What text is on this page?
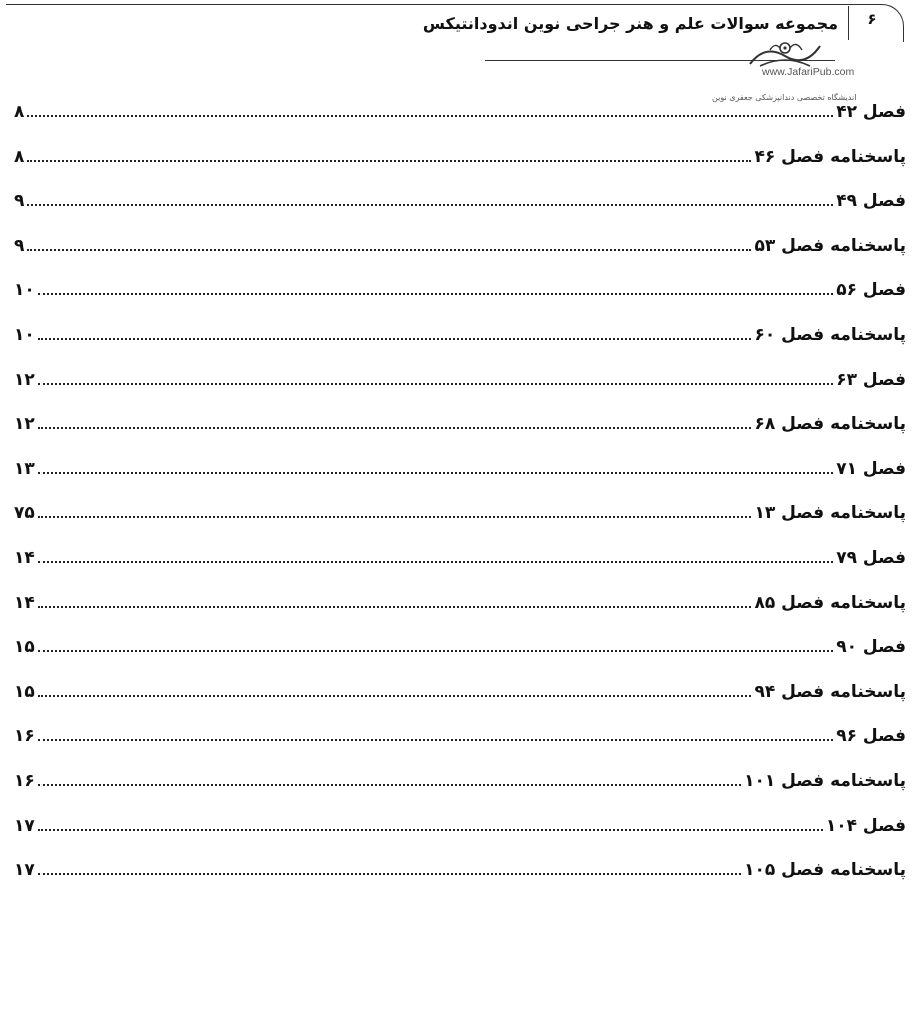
۶
مجموعه سوالات علم و هنر جراحی نوین اندودانتیکس
www.JafariPub.com
اندیشگاه تخصصی دندانپزشکی جعفری نوین
فصل ۴۲
۸
پاسخنامه فصل ۴۶
۸
فصل ۴۹
۹
پاسخنامه فصل ۵۳
۹
فصل ۵۶
۱۰
پاسخنامه فصل ۶۰
۱۰
فصل ۶۳
۱۲
پاسخنامه فصل ۶۸
۱۲
فصل ۷۱
۱۳
پاسخنامه فصل ۱۳
۷۵
فصل ۷۹
۱۴
پاسخنامه فصل ۸۵
۱۴
فصل ۹۰
۱۵
پاسخنامه فصل ۹۴
۱۵
فصل ۹۶
۱۶
پاسخنامه فصل ۱۰۱
۱۶
فصل ۱۰۴
۱۷
پاسخنامه فصل ۱۰۵
۱۷
